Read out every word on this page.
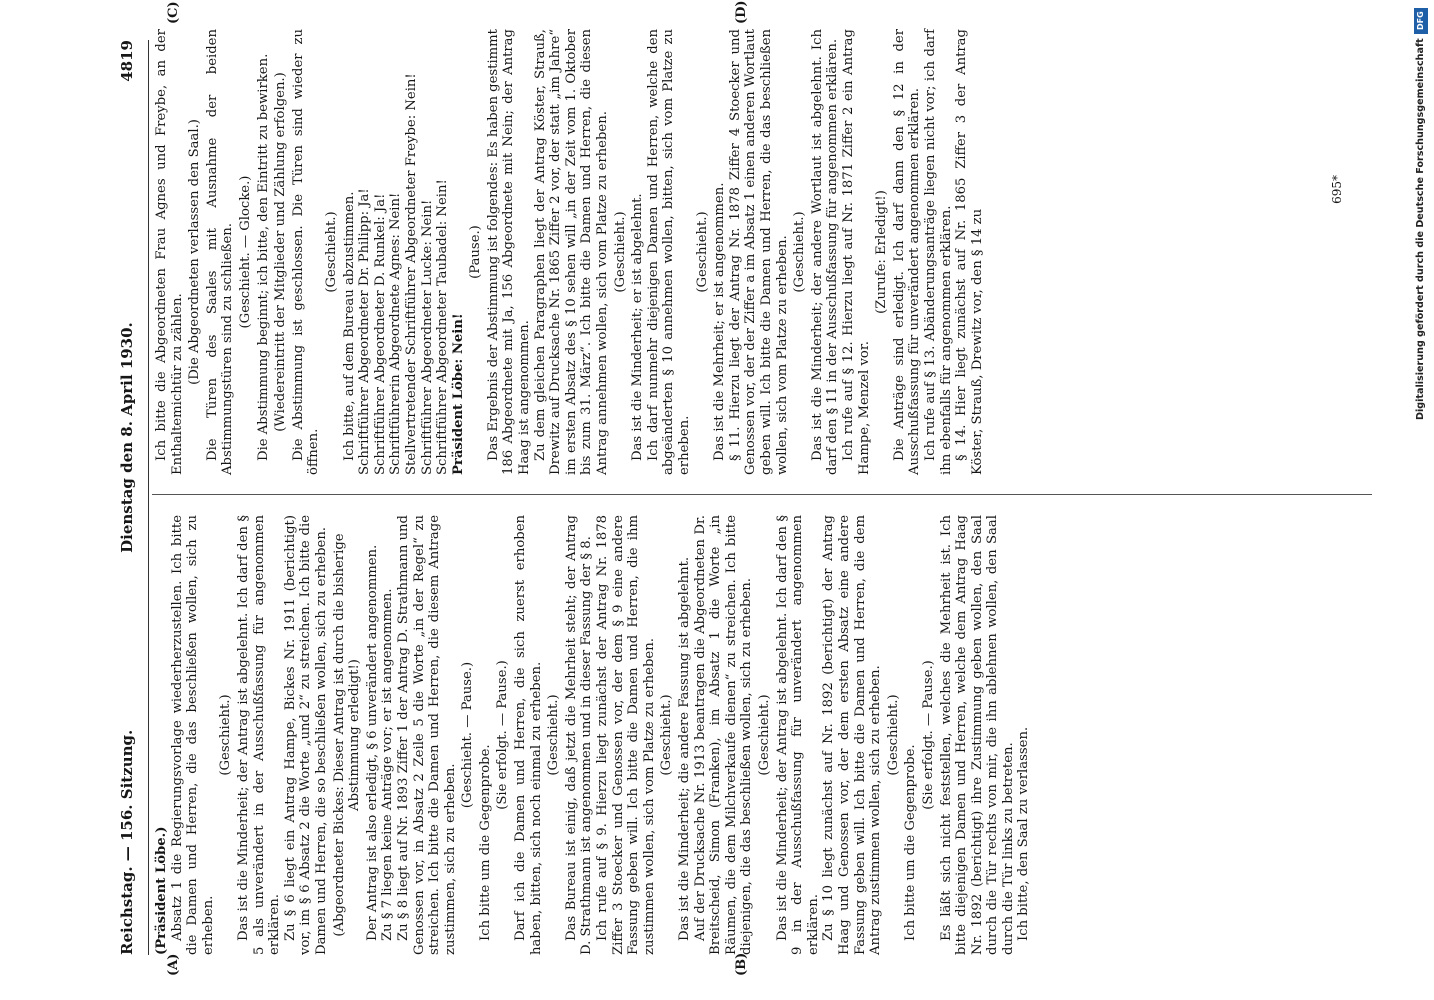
Reichstag. — 156. Sitzung.
Dienstag den 8. April 1930.  4819
(A)	(B)
(C)	(D)

(Präsident Löbe.) Absatz 1 die Regierungsvorlage wiederherzustellen. Ich bitte die Damen und Herren, die das beschließen wollen, sich zu erheben.

(Geschieht.) Das ist die Minderheit; der Antrag ist abgelehnt. Ich darf den § 5 als unverändert in der Ausschußfassung für angenommen erklären. Zu § 6 liegt ein Antrag Hampe, Bickes Nr. 1911 (berichtigt) vor, im § 6 Absatz 2 die Worte „und 2“ zu streichen. Ich bitte die Damen und Herren, die so beschließen wollen, sich zu erheben. (Abgeordneter Bickes: Dieser Antrag ist durch die bisherige Abstimmung erledigt!) Der Antrag ist also erledigt, § 6 unverändert angenommen. Zu § 7 liegen keine Anträge vor; er ist angenommen. Zu § 8 liegt auf Nr. 1893 Ziffer 1 der Antrag D. Strathmann und Genossen vor, in Absatz 2 Zeile 5 die Worte „in der Regel“ zu streichen. Ich bitte die Damen und Herren, die diesem Antrage zustimmen, sich zu erheben.

(Geschieht. — Pause.)

Ich bitte um die Gegenprobe.

(Sie erfolgt. — Pause.) Darf ich die Damen und Herren, die sich zuerst erhoben haben, bitten, sich noch einmal zu erheben. (Geschieht.) Das Bureau ist einig, daß jetzt die Mehrheit steht; der Antrag D. Strathmann ist angenommen und in dieser Fassung der § 8. Ich rufe auf § 9. Hierzu liegt zunächst der Antrag Nr. 1878 Ziffer 3 Stoecker und Genossen vor, der dem § 9 eine andere Fassung geben will. Ich bitte die Damen und Herren, die ihm zustimmen wollen, sich vom Platze zu erheben. (Geschieht.) Das ist die Minderheit; die andere Fassung ist abgelehnt. Auf der Drucksache Nr. 1913 beantragen die Abgeordneten Dr. Breitscheid, Simon (Franken), im Absatz 1 die Worte „in Räumen, die dem Milchverkaufe dienen“ zu streichen. Ich bitte diejenigen, die das beschließen wollen, sich zu erheben. (Geschieht.) Das ist die Minderheit; der Antrag ist abgelehnt. Ich darf den § 9 in der Ausschußfassung für unverändert angenommen erklären. Zu § 10 liegt zunächst auf Nr. 1892 (berichtigt) der Antrag Haag und Genossen vor, der dem ersten Absatz eine andere Fassung geben will. Ich bitte die Damen und Herren, die dem Antrag zustimmen wollen, sich zu erheben. (Geschieht.)

Ich bitte um die Gegenprobe.

(Sie erfolgt. — Pause.) Es läßt sich nicht feststellen, welches die Mehrheit ist. Ich bitte diejenigen Damen und Herren, welche dem Antrag Haag Nr. 1892 (berichtigt) ihre Zustimmung geben wollen, den Saal durch die Tür rechts von mir, die ihn ablehnen wollen, den Saal durch die Tür links zu betreten. Ich bitte, den Saal zu verlassen.

Ich bitte die Abgeordneten Frau Agnes und Freybe, an der Enthaltemichtür zu zählen. (Die Abgeordneten verlassen den Saal.) Die Türen des Saales mit Ausnahme der beiden Abstimmungstüren sind zu schließen. (Geschieht. — Glocke.) Die Abstimmung beginnt; ich bitte, den Eintritt zu bewirken. (Wiedereintritt der Mitglieder und Zählung erfolgen.) Die Abstimmung ist geschlossen. Die Türen sind wieder zu öffnen.

(Geschieht.) Ich bitte, auf dem Bureau abzustimmen. Schriftführer Abgeordneter Dr. Philipp: Ja! Schriftführer Abgeordneter D. Runkel: Ja! Schriftführerin Abgeordnete Agnes: Nein! Stellvertretender Schriftführer Abgeordneter Freybe: Nein! Schriftführer Abgeordneter Lucke: Nein! Schriftführer Abgeordneter Taubadel: Nein! Präsident Löbe: Nein!

(Pause.) Das Ergebnis der Abstimmung ist folgendes: Es haben gestimmt 186 Abgeordnete mit Ja, 156 Abgeordnete mit Nein; der Antrag Haag ist angenommen. Zu dem gleichen Paragraphen liegt der Antrag Köster, Strauß, Drewitz auf Drucksache Nr. 1865 Ziffer 2 vor, der statt „im Jahre“ im ersten Absatz des § 10 sehen will „in der Zeit vom 1. Oktober bis zum 31. März“. Ich bitte die Damen und Herren, die diesen Antrag annehmen wollen, sich vom Platze zu erheben. (Geschieht.) Das ist die Minderheit; er ist abgelehnt. Ich darf nunmehr diejenigen Damen und Herren, welche den abgeänderten § 10 annehmen wollen, bitten, sich vom Platze zu erheben.

(Geschieht.) Das ist die Mehrheit; er ist angenommen. § 11. Hierzu liegt der Antrag Nr. 1878 Ziffer 4 Stoecker und Genossen vor, der der Ziffer a im Absatz 1 einen anderen Wortlaut geben will. Ich bitte die Damen und Herren, die das beschließen wollen, sich vom Platze zu erheben. (Geschieht.) Das ist die Minderheit; der andere Wortlaut ist abgelehnt. Ich darf den § 11 in der Ausschußfassung für angenommen erklären. Ich rufe auf § 12. Hierzu liegt auf Nr. 1871 Ziffer 2 ein Antrag Hampe, Menzel vor.

(Zurufe: Erledigt!) Die Anträge sind erledigt. Ich darf dann den § 12 in der Ausschußfassung für unverändert angenommen erklären. Ich rufe auf § 13. Abänderungsanträge liegen nicht vor; ich darf ihn ebenfalls für angenommen erklären. § 14. Hier liegt zunächst auf Nr. 1865 Ziffer 3 der Antrag Köster, Strauß, Drewitz vor, den § 14 zu

695*
DFG
Digitalisierung gefördert durch die Deutsche Forschungsgemeinschaft
